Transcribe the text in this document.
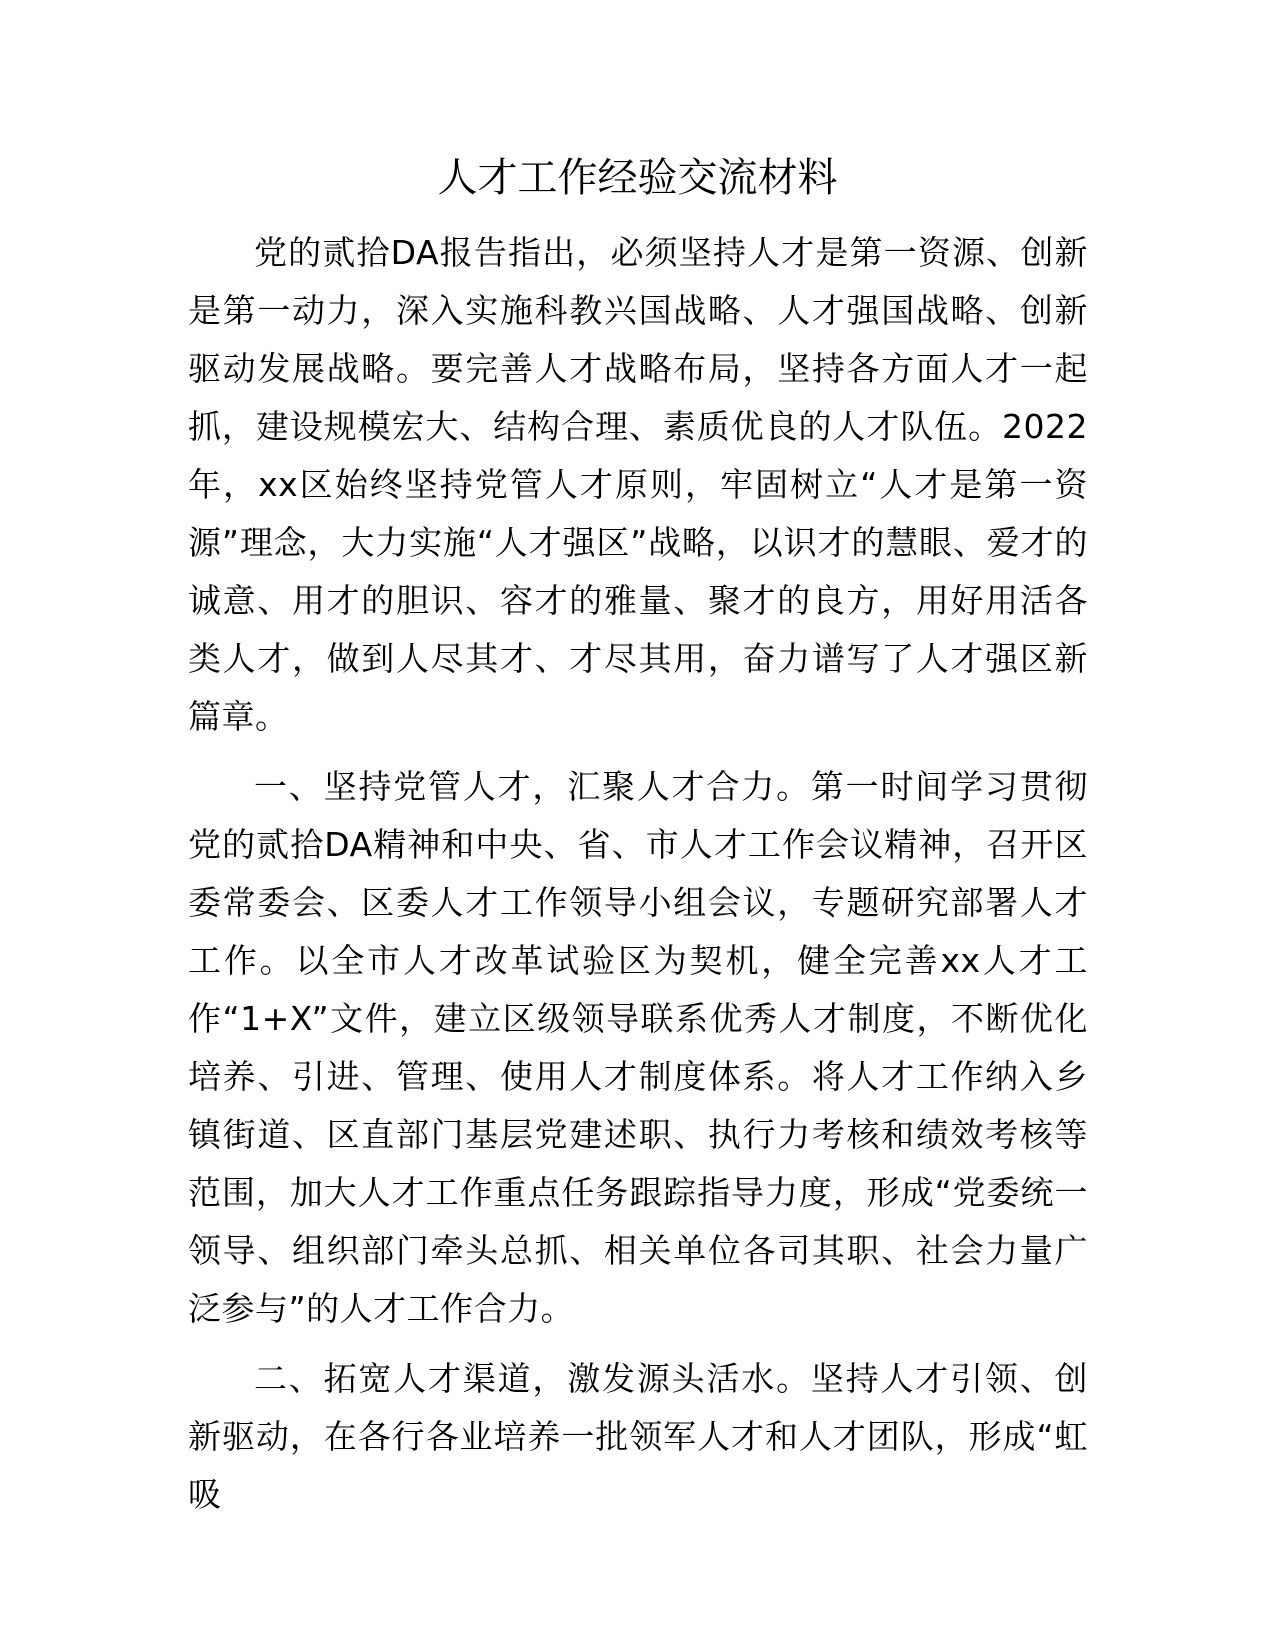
人才工作经验交流材料

党的贰拾DA报告指出，必须坚持人才是第一资源、创新是第一动力，深入实施科教兴国战略、人才强国战略、创新驱动发展战略。要完善人才战略布局，坚持各方面人才一起抓，建设规模宏大、结构合理、素质优良的人才队伍。2022年，xx区始终坚持党管人才原则，牢固树立“人才是第一资源”理念，大力实施“人才强区”战略，以识才的慧眼、爱才的诚意、用才的胆识、容才的雅量、聚才的良方，用好用活各类人才，做到人尽其才、才尽其用，奋力谱写了人才强区新篇章。

一、坚持党管人才，汇聚人才合力。第一时间学习贯彻党的贰拾DA精神和中央、省、市人才工作会议精神，召开区委常委会、区委人才工作领导小组会议，专题研究部署人才工作。以全市人才改革试验区为契机，健全完善xx人才工作“1+X”文件，建立区级领导联系优秀人才制度，不断优化培养、引进、管理、使用人才制度体系。将人才工作纳入乡镇街道、区直部门基层党建述职、执行力考核和绩效考核等范围，加大人才工作重点任务跟踪指导力度，形成“党委统一领导、组织部门牵头总抓、相关单位各司其职、社会力量广泛参与”的人才工作合力。

二、拓宽人才渠道，激发源头活水。坚持人才引领、创新驱动，在各行各业培养一批领军人才和人才团队，形成“虹吸
